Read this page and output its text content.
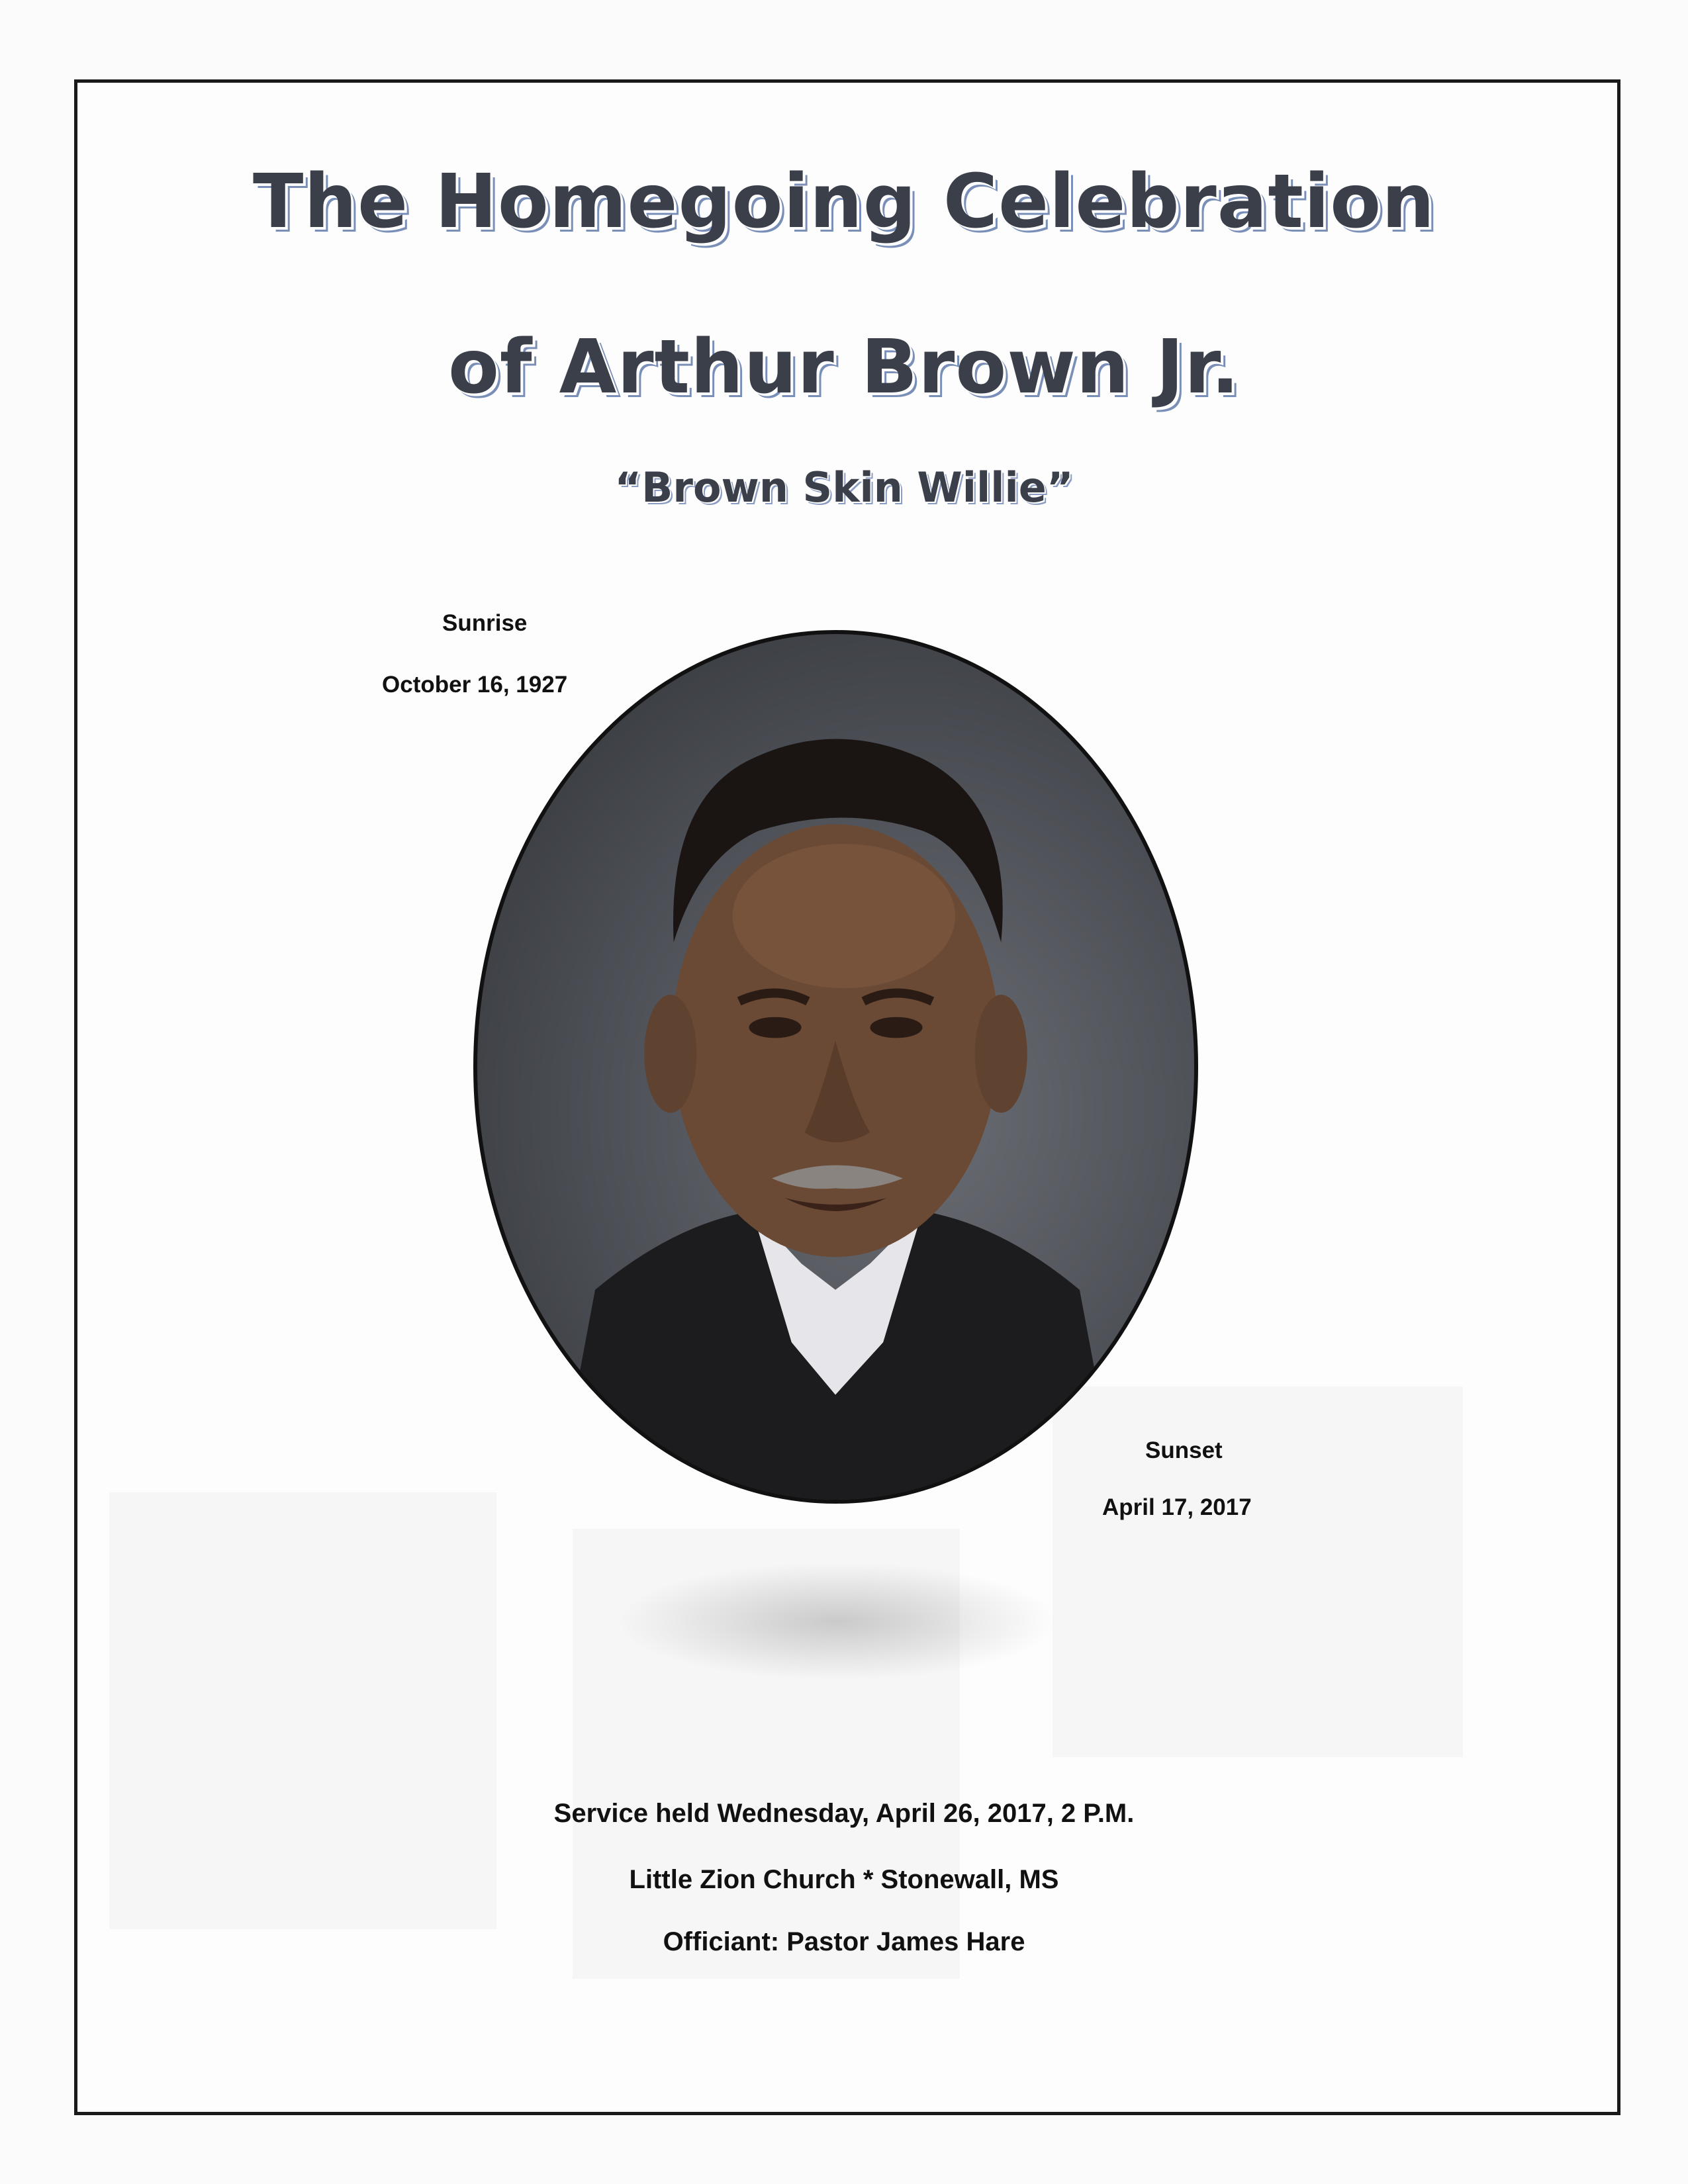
The Homegoing Celebration
of Arthur Brown Jr.
“Brown Skin Willie”
Sunrise
October 16, 1927
Sunset
April 17, 2017
Service held Wednesday, April 26, 2017, 2 P.M.
Little Zion Church * Stonewall, MS
Officiant: Pastor James Hare
